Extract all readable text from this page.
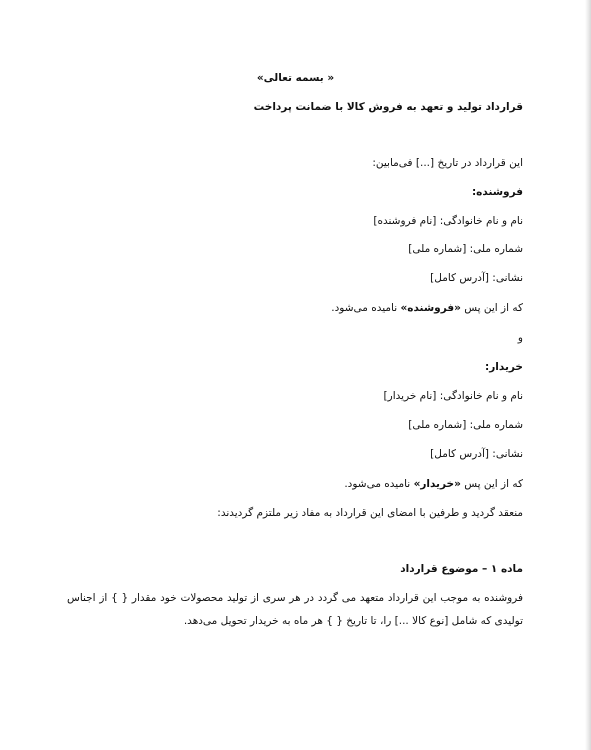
« بسمه تعالی»
قرارداد تولید و تعهد به فروش کالا با ضمانت پرداخت
این قرارداد در تاریخ [...] فی‌مابین:
فروشنده:
نام و نام خانوادگی: [نام فروشنده]
شماره ملی: [شماره ملی]
نشانی: [آدرس کامل]
که از این پس «فروشنده» نامیده می‌شود.
و
خریدار:
نام و نام خانوادگی: [نام خریدار]
شماره ملی: [شماره ملی]
نشانی: [آدرس کامل]
که از این پس «خریدار» نامیده می‌شود.
منعقد گردید و طرفین با امضای این قرارداد به مفاد زیر ملتزم گردیدند:
ماده ۱ – موضوع قرارداد
فروشنده به موجب این قرارداد متعهد می گردد در هر سری از تولید محصولات خود مقدار { } از اجناس تولیدی که شامل [نوع کالا ...] را، تا تاریخ { } هر ماه به خریدار تحویل می‌دهد.
